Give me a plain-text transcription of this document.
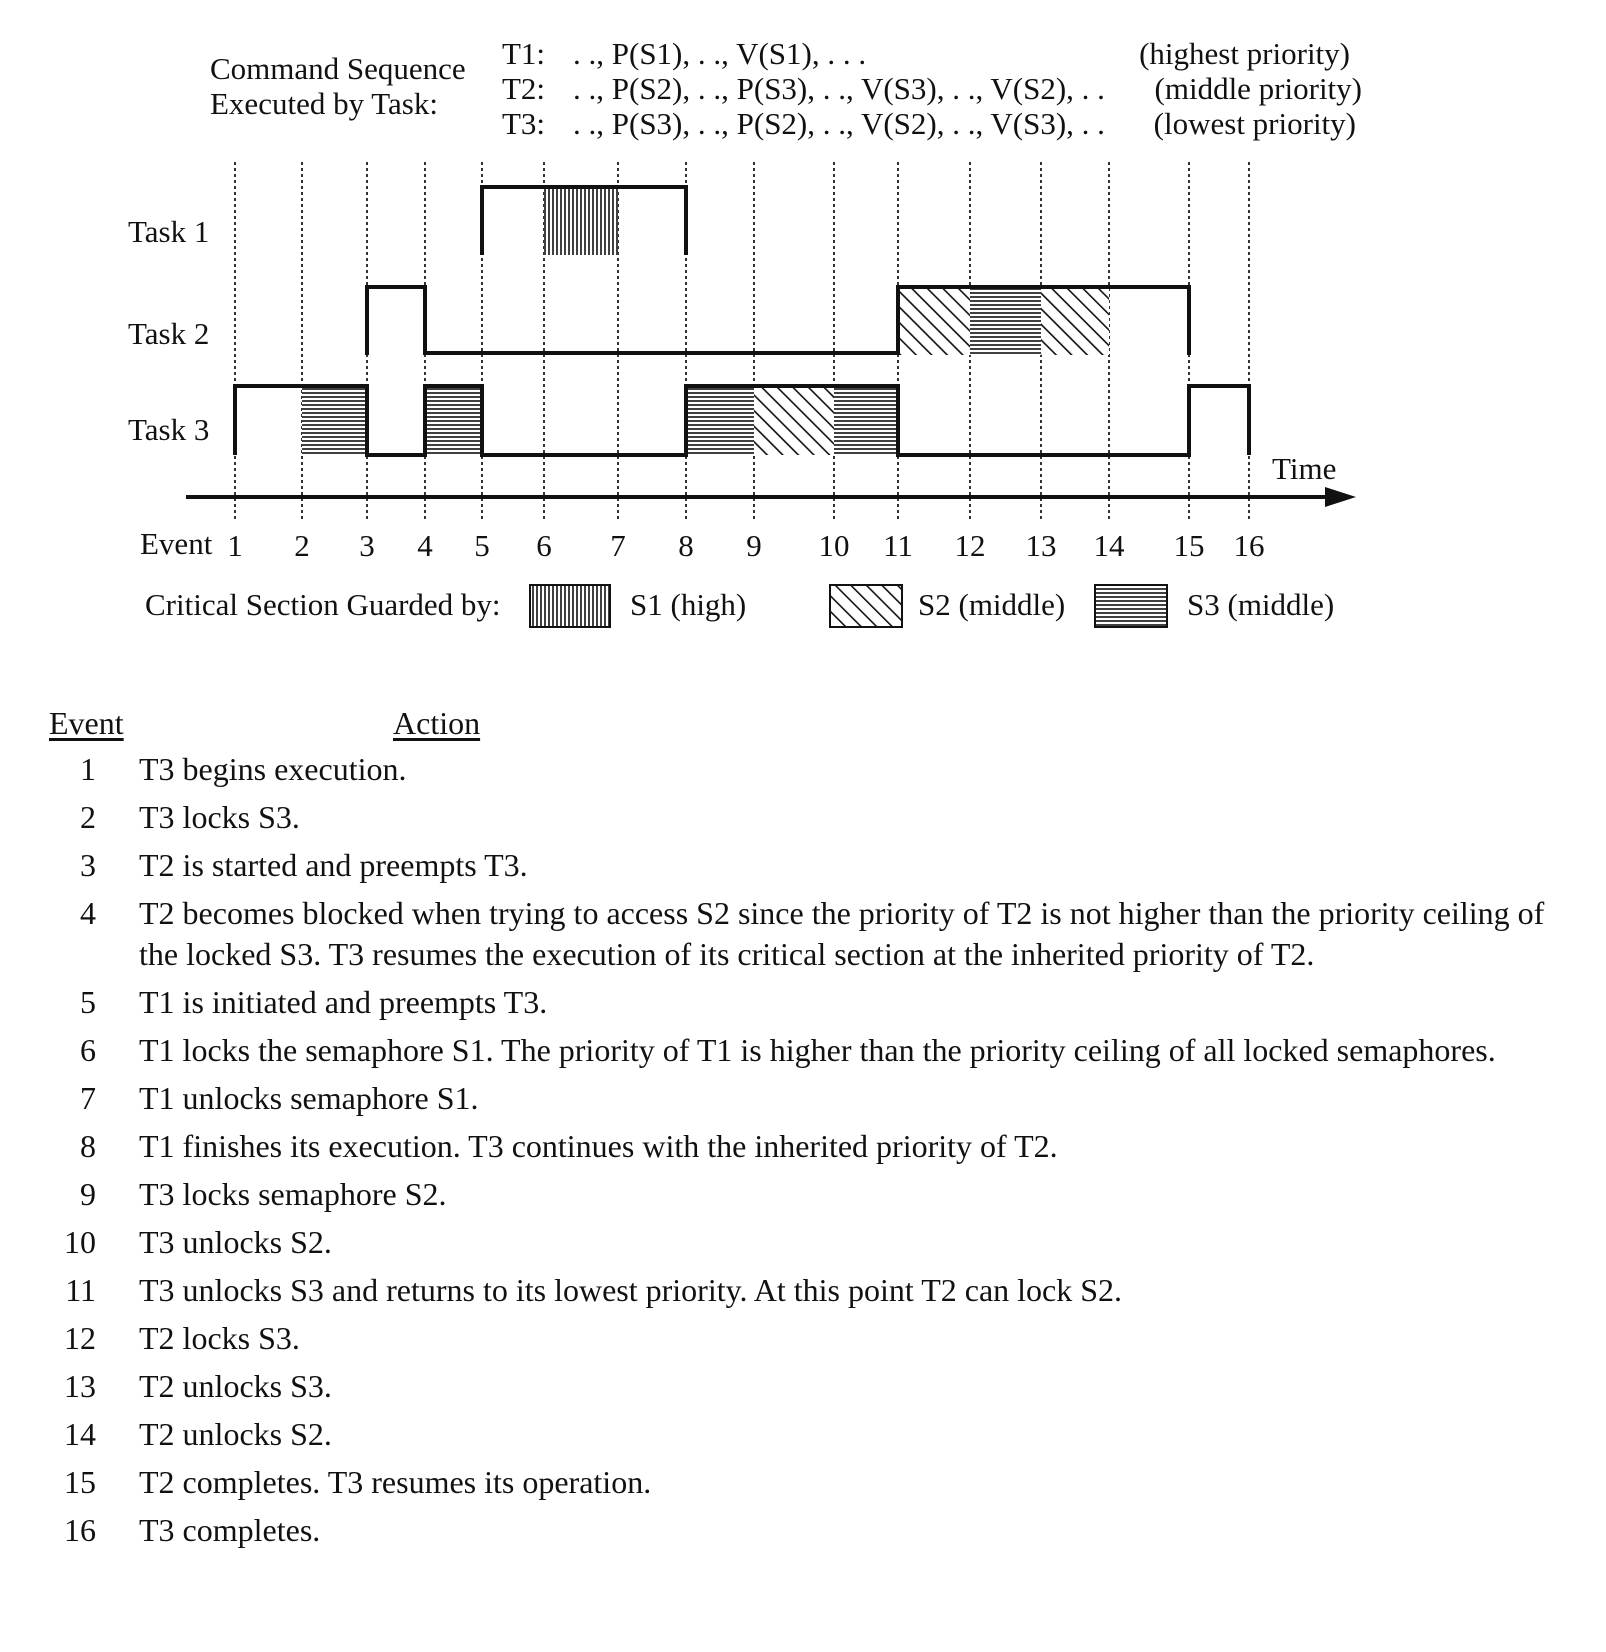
Command Sequence
Executed by Task:
T1: . ., P(S1), . ., V(S1), . . .	(highest priority)
T2: . ., P(S2), . ., P(S3), . ., V(S3), . ., V(S2), . . (middle priority)
T3: . ., P(S3), . ., P(S2), . ., V(S2), . ., V(S3), . . (lowest priority)
Task 1
Task 2
Task 3
Time
Event 1 2 3 4 5 6 7 8 9 10 11 12 13 14 15 16
Critical Section Guarded by:	S1 (high)	S2 (middle)	S3 (middle)
Event	Action
1 T3 begins execution.
2 T3 locks S3.
3 T2 is started and preempts T3.
4 T2 becomes blocked when trying to access S2 since the priority of T2 is not higher than the priority ceiling of the locked S3. T3 resumes the execution of its critical section at the inherited priority of T2.
5 T1 is initiated and preempts T3.
6 T1 locks the semaphore S1. The priority of T1 is higher than the priority ceiling of all locked semaphores.
7 T1 unlocks semaphore S1.
8 T1 finishes its execution. T3 continues with the inherited priority of T2.
9 T3 locks semaphore S2.
10 T3 unlocks S2.
11 T3 unlocks S3 and returns to its lowest priority. At this point T2 can lock S2.
12 T2 locks S3.
13 T2 unlocks S3.
14 T2 unlocks S2.
15 T2 completes. T3 resumes its operation.
16 T3 completes.
